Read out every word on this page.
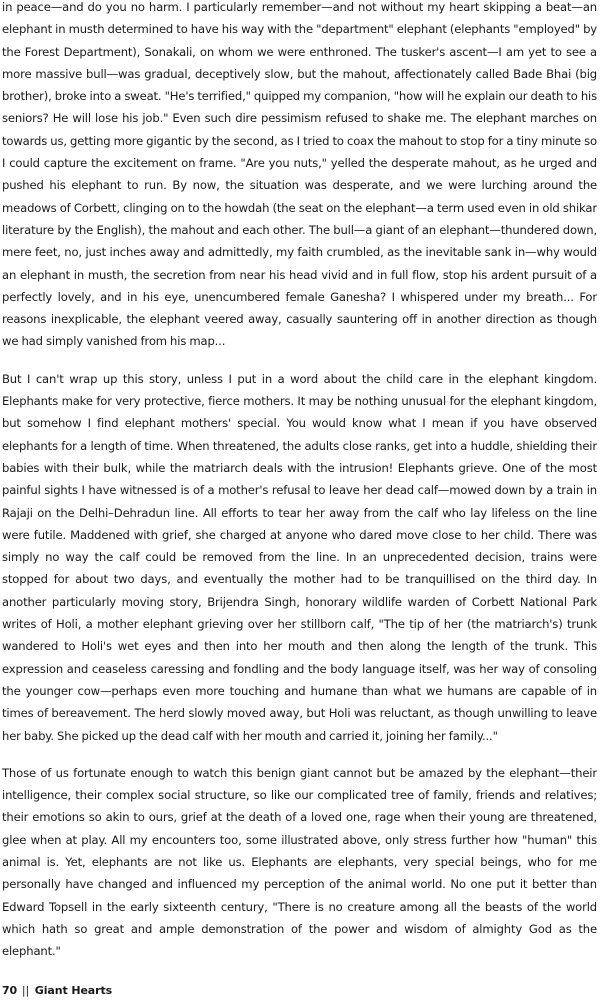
in peace—and do you no harm. I particularly remember—and not without my heart skipping a beat—an elephant in musth determined to have his way with the "department" elephant (elephants "employed" by the Forest Department), Sonakali, on whom we were enthroned. The tusker's ascent—I am yet to see a more massive bull—was gradual, deceptively slow, but the mahout, affectionately called Bade Bhai (big brother), broke into a sweat. "He's terrified," quipped my companion, "how will he explain our death to his seniors? He will lose his job." Even such dire pessimism refused to shake me. The elephant marches on towards us, getting more gigantic by the second, as I tried to coax the mahout to stop for a tiny minute so I could capture the excitement on frame. "Are you nuts," yelled the desperate mahout, as he urged and pushed his elephant to run. By now, the situation was desperate, and we were lurching around the meadows of Corbett, clinging on to the howdah (the seat on the elephant—a term used even in old shikar literature by the English), the mahout and each other. The bull—a giant of an elephant—thundered down, mere feet, no, just inches away and admittedly, my faith crumbled, as the inevitable sank in—why would an elephant in musth, the secretion from near his head vivid and in full flow, stop his ardent pursuit of a perfectly lovely, and in his eye, unencumbered female Ganesha? I whispered under my breath... For reasons inexplicable, the elephant veered away, casually sauntering off in another direction as though we had simply vanished from his map...

But I can't wrap up this story, unless I put in a word about the child care in the elephant kingdom. Elephants make for very protective, fierce mothers. It may be nothing unusual for the elephant kingdom, but somehow I find elephant mothers' special. You would know what I mean if you have observed elephants for a length of time. When threatened, the adults close ranks, get into a huddle, shielding their babies with their bulk, while the matriarch deals with the intrusion! Elephants grieve. One of the most painful sights I have witnessed is of a mother's refusal to leave her dead calf—mowed down by a train in Rajaji on the Delhi–Dehradun line. All efforts to tear her away from the calf who lay lifeless on the line were futile. Maddened with grief, she charged at anyone who dared move close to her child. There was simply no way the calf could be removed from the line. In an unprecedented decision, trains were stopped for about two days, and eventually the mother had to be tranquillised on the third day. In another particularly moving story, Brijendra Singh, honorary wildlife warden of Corbett National Park writes of Holi, a mother elephant grieving over her stillborn calf, "The tip of her (the matriarch's) trunk wandered to Holi's wet eyes and then into her mouth and then along the length of the trunk. This expression and ceaseless caressing and fondling and the body language itself, was her way of consoling the younger cow—perhaps even more touching and humane than what we humans are capable of in times of bereavement. The herd slowly moved away, but Holi was reluctant, as though unwilling to leave her baby. She picked up the dead calf with her mouth and carried it, joining her family..."

Those of us fortunate enough to watch this benign giant cannot but be amazed by the elephant—their intelligence, their complex social structure, so like our complicated tree of family, friends and relatives; their emotions so akin to ours, grief at the death of a loved one, rage when their young are threatened, glee when at play. All my encounters too, some illustrated above, only stress further how "human" this animal is. Yet, elephants are not like us. Elephants are elephants, very special beings, who for me personally have changed and influenced my perception of the animal world. No one put it better than Edward Topsell in the early sixteenth century, "There is no creature among all the beasts of the world which hath so great and ample demonstration of the power and wisdom of almighty God as the elephant."

70 || Giant Hearts
